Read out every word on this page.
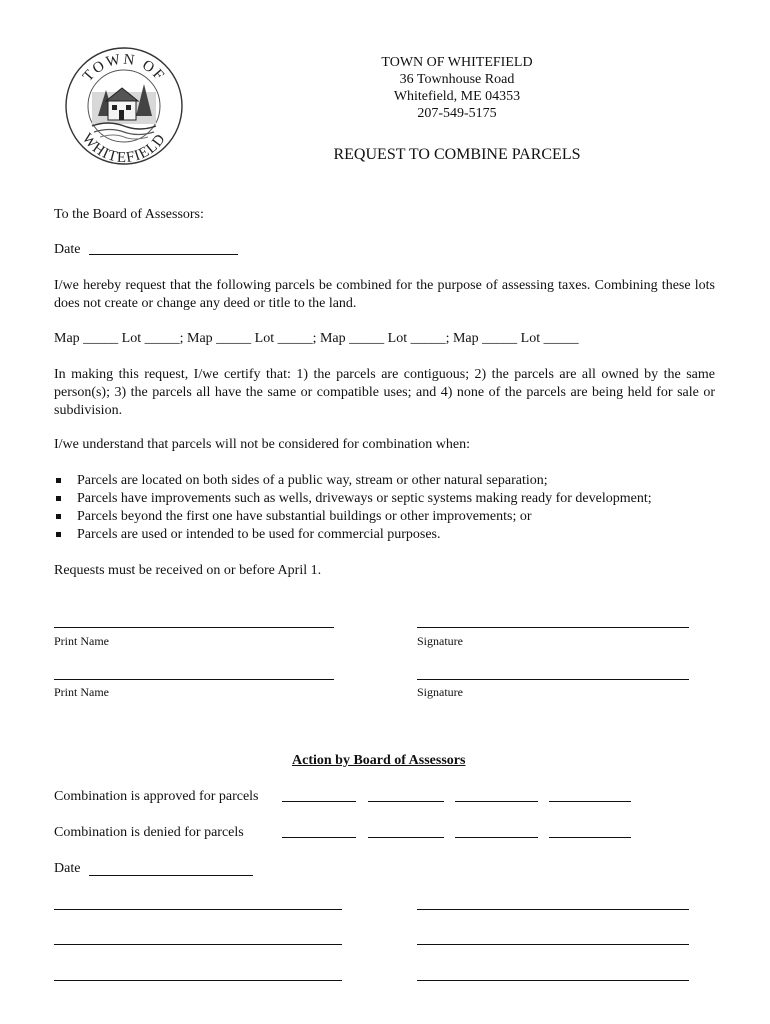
TOWN OF
WHITEFIELD
TOWN OF WHITEFIELD
36 Townhouse Road
Whitefield, ME 04353
207-549-5175
REQUEST TO COMBINE PARCELS
To the Board of Assessors:
Date
I/we hereby request that the following parcels be combined for the purpose of assessing taxes. Combining these lots does not create or change any deed or title to the land.
Map _____ Lot _____; Map _____ Lot _____; Map _____ Lot _____; Map _____ Lot _____
In making this request, I/we certify that: 1) the parcels are contiguous; 2) the parcels are all owned by the same person(s); 3) the parcels all have the same or compatible uses; and 4) none of the parcels are being held for sale or subdivision.
I/we understand that parcels will not be considered for combination when:
Parcels are located on both sides of a public way, stream or other natural separation;
Parcels have improvements such as wells, driveways or septic systems making ready for development;
Parcels beyond the first one have substantial buildings or other improvements; or
Parcels are used or intended to be used for commercial purposes.
Requests must be received on or before April 1.
Print Name	Signature
Print Name	Signature
Action by Board of Assessors
Combination is approved for parcels
Combination is denied for parcels
Date
